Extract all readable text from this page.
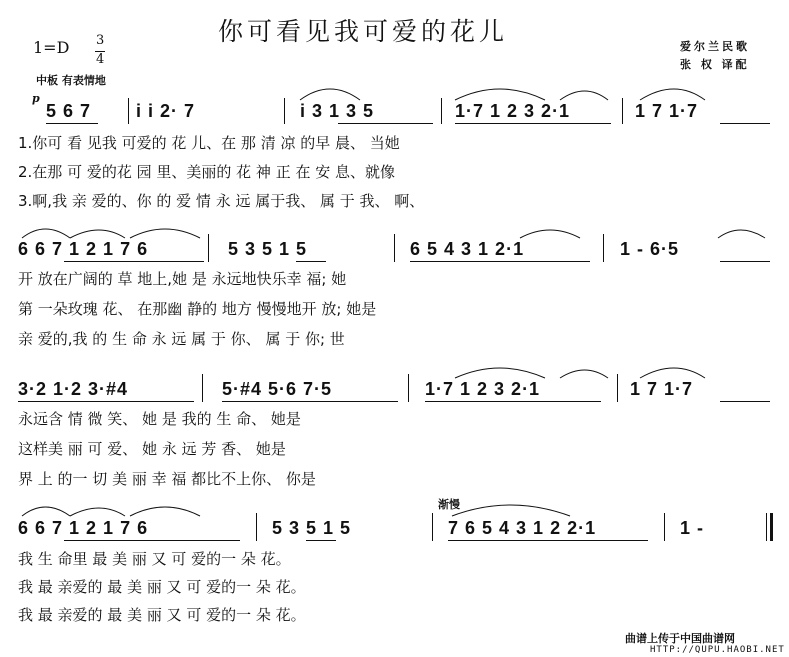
你可看见我可爱的花儿
1=D 3
4
中板 有表情地
爱尔兰民歌
张 权 译配
p
5 6 7 i i 2· 7	i 3 1 3 5	1·7 1 2 3 2·1	1 7 1·7
1.你可 看 见我 可爱的 花 儿、在 那 清 凉 的早 晨、 当她
2.在那 可 爱的花 园 里、美丽的 花 神 正 在 安 息、就像
3.啊,我 亲 爱的、你 的 爱 情 永 远 属于我、 属 于 我、 啊、
6 6 7 1 2 1 7 6	5 3 5 1 5	6 5 4 3 1 2·1	1 - 6·5
开 放在广阔的 草 地上,她 是 永远地快乐幸 福; 她
第 一朵玫瑰 花、 在那幽 静的 地方 慢慢地开 放; 她是
亲 爱的,我 的 生 命 永 远 属 于 你、 属 于 你; 世
3·2 1·2 3·#4	5·#4 5·6 7·5	1·7 1 2 3 2·1	1 7 1·7
永远含 情 微 笑、 她 是 我的 生 命、 她是
这样美 丽 可 爱、 她 永 远 芳 香、 她是
界 上 的一 切 美 丽 幸 福 都比不上你、 你是
渐慢
6 6 7 1 2 1 7 6	5 3 5 1 5	7 6 5 4 3 1 2 2·1	1 -
我 生 命里 最 美 丽 又 可 爱的一 朵 花。
我 最 亲爱的 最 美 丽 又 可 爱的一 朵 花。
我 最 亲爱的 最 美 丽 又 可 爱的一 朵 花。
曲谱上传于中国曲谱网
HTTP://QUPU.HAOBI.NET
